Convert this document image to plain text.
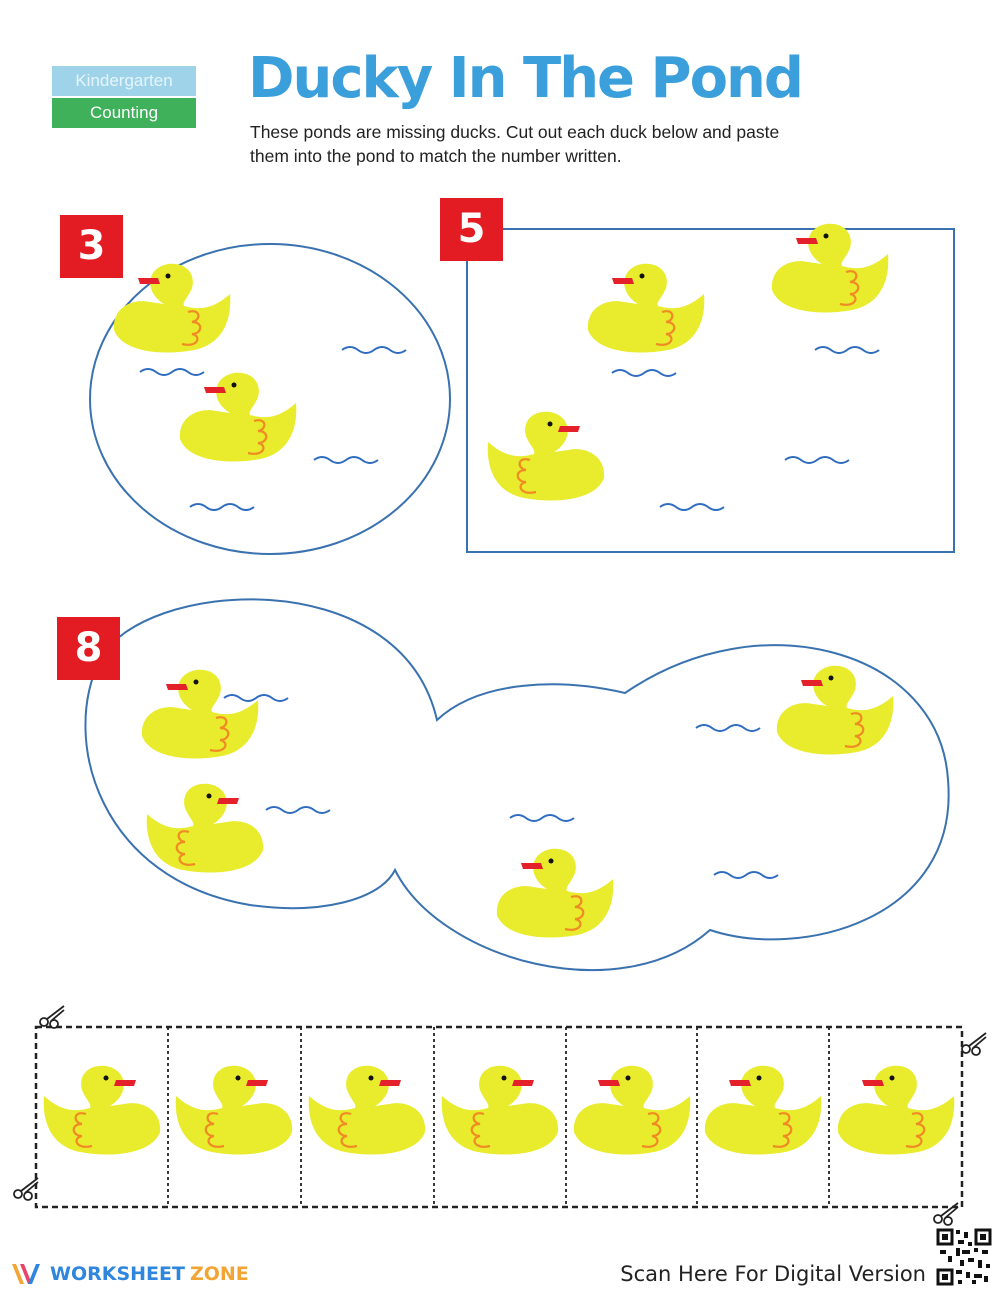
Kindergarten
Counting
Ducky In The Pond

These ponds are missing ducks. Cut out each duck below and paste them into the pond to match the number written.

3	5
8
WORKSHEET ZONE	Scan Here For Digital Version
